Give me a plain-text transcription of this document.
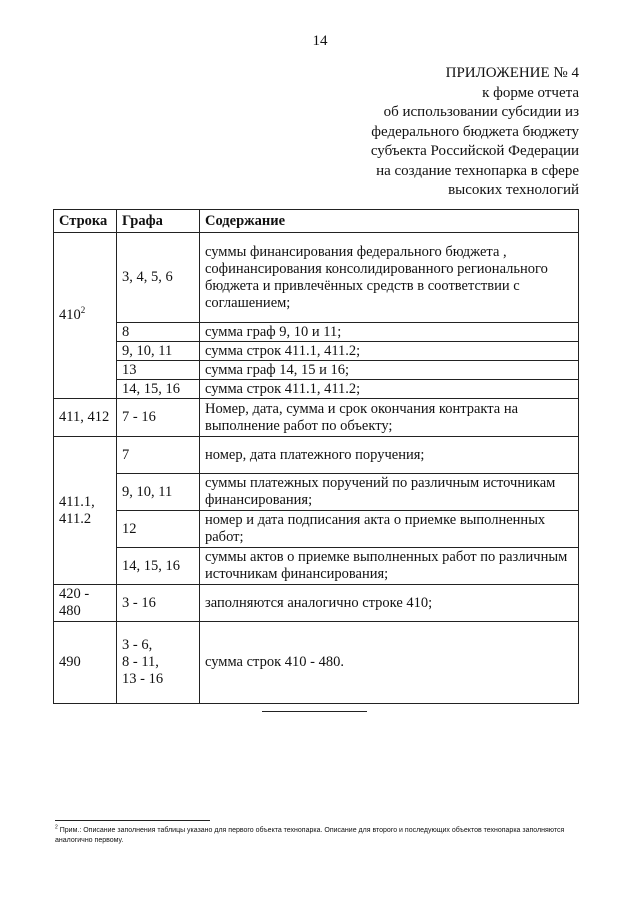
14
ПРИЛОЖЕНИЕ № 4
к форме отчета
об использовании субсидии из
федерального бюджета бюджету
субъекта Российской Федерации
на создание технопарка в сфере
высоких технологий
Строка	Графа	Содержание
$410^2$	3, 4, 5, 6	суммы финансирования федерального бюджета , софинансирования консолидированного регионального бюджета и привлечённых средств в соответствии с соглашением;
	8	сумма граф 9, 10 и 11;
	9, 10, 11	сумма строк 411.1, 411.2;
	13	сумма граф 14, 15 и 16;
	14, 15, 16	сумма строк 411.1, 411.2;
411, 412	7 - 16	Номер, дата, сумма и срок окончания контракта на выполнение работ по объекту;

411.1,
411.2	7	номер, дата платежного поручения;
	9, 10, 11	суммы платежных поручений по различным источникам финансирования;
	12	номер и дата подписания акта о приемке выполненных работ;
	14, 15, 16	суммы актов о приемке выполненных работ по различным источникам финансирования;

420 -
480	3 - 16	заполняются аналогично строке 410;
490	3 - 6,
8 - 11,
13 - 16	сумма строк 410 - 480.
$^2$ Прим.: Описание заполнения таблицы указано для первого объекта технопарка. Описание для второго и последующих объектов технопарка заполняются аналогично первому.
